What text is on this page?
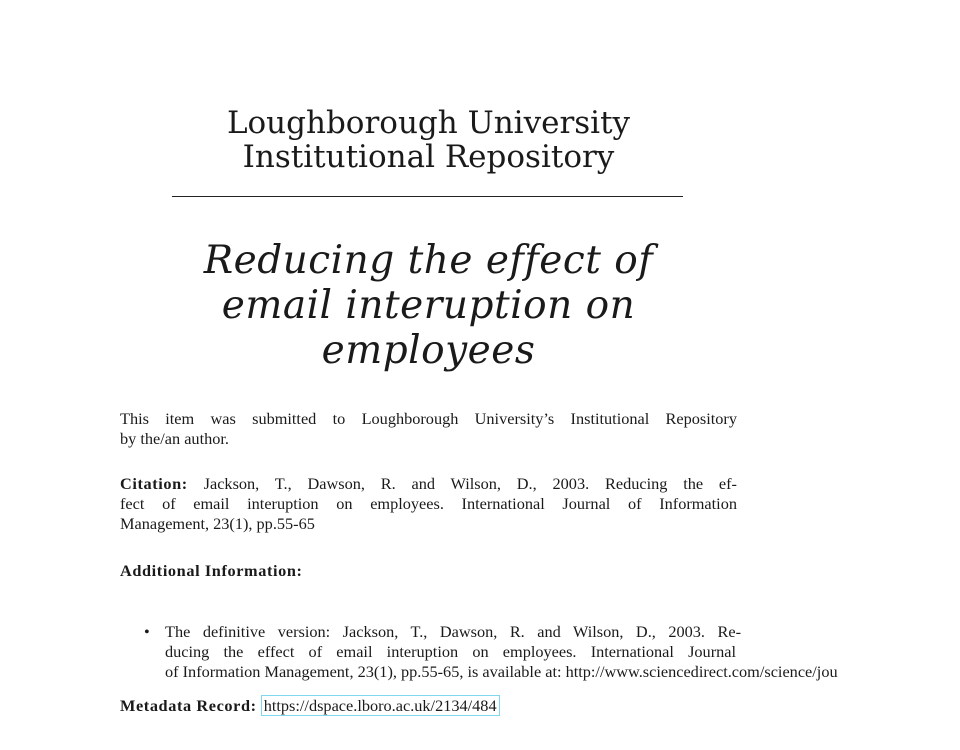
Loughborough University
Institutional Repository
Reducing the effect of
email interuption on
employees

This item was submitted to Loughborough University’s Institutional Repository
by the/an author.

Citation: Jackson, T., Dawson, R. and Wilson, D., 2003. Reducing the ef-
fect of email interuption on employees. International Journal of Information
Management, 23(1), pp.55-65

Additional Information:

• The definitive version: Jackson, T., Dawson, R. and Wilson, D., 2003. Re-
ducing the effect of email interuption on employees. International Journal
of Information Management, 23(1), pp.55-65, is available at: http://www.sciencedirect.com/science/jou

Metadata Record: https://dspace.lboro.ac.uk/2134/484
